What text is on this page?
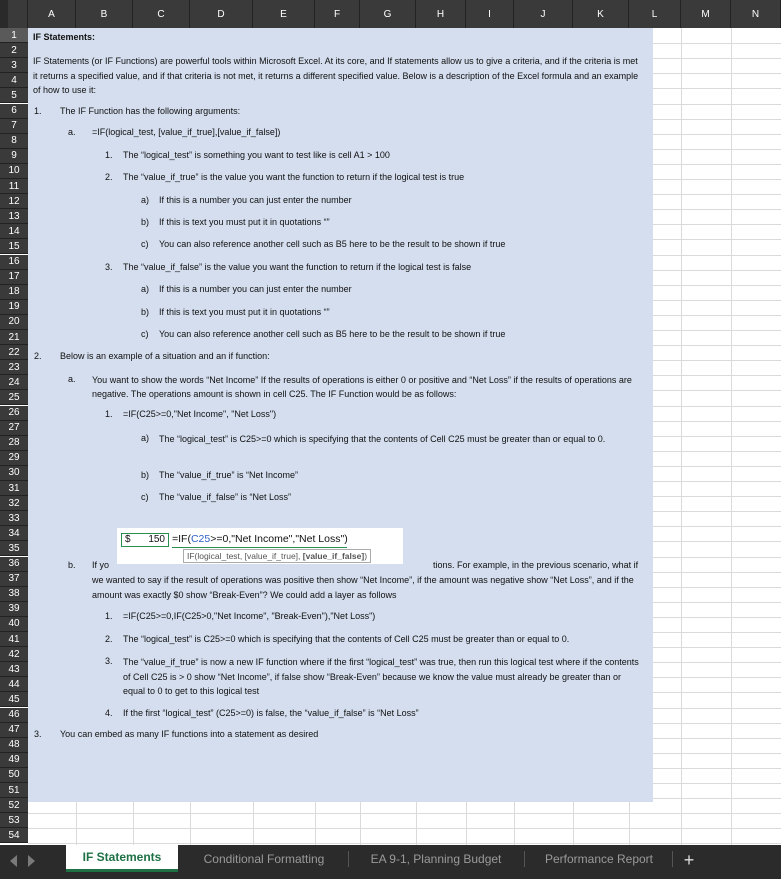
A	B	C	D	E	F	G	H	I	J	K	L	M	N
1
2
3
4
5
6
7
8
9
10
11
12
13
14
15
16
17
18
19
20
21
22
23
24
25
26
27
28
29
30
31
32
33
34
35
36
37
38
39
40
41
42
43
44
45
46
47
48
49
50
51
52
53
54
IF Statements:
IF Statements (or IF Functions) are powerful tools within Microsoft Excel. At its core, and If statements allow us to give a criteria, and if the criteria is met it returns a specified value, and if that criteria is not met, it returns a different specified value. Below is a description of the Excel formula and an example of how to use it:
1. The IF Function has the following arguments:
a. =IF(logical_test, [value_if_true],[value_if_false])
1. The “logical_test” is something you want to test like is cell A1 > 100
2. The “value_if_true” is the value you want the function to return if the logical test is true
a) If this is a number you can just enter the number
b) If this is text you must put it in quotations “”
c) You can also reference another cell such as B5 here to be the result to be shown if true
3. The “value_if_false” is the value you want the function to return if the logical test is false
a) If this is a number you can just enter the number
b) If this is text you must put it in quotations “”
c) You can also reference another cell such as B5 here to be the result to be shown if true
2. Below is an example of a situation and an if function:
a. You want to show the words “Net Income” If the results of operations is either 0 or positive and “Net Loss” if the results of operations are negative. The operations amount is shown in cell C25. The IF Function would be as follows:
1. =IF(C25>=0,"Net Income", "Net Loss")
a) The “logical_test” is C25>=0 which is specifying that the contents of Cell C25 must be greater than or equal to 0.
b) The “value_if_true” is “Net Income”
c) The “value_if_false” is “Net Loss”
b. If yo	tions. For example, in the previous scenario, what if
we wanted to say if the result of operations was positive then show “Net Income”, if the amount was negative show “Net Loss”, and if the amount was exactly $0 show “Break-Even”? We could add a layer as follows
1. =IF(C25>=0,IF(C25>0,"Net Income", "Break-Even"),"Net Loss")
2. The “logical_test” is C25>=0 which is specifying that the contents of Cell C25 must be greater than or equal to 0.
3. The “value_if_true” is now a new IF function where if the first “logical_test” was true, then run this logical test where if the contents of Cell C25 is > 0 show “Net Income”, if false show “Break-Even” because we know the value must already be greater than or equal to 0 to get to this logical test
4. If the first “logical_test” (C25>=0) is false, the “value_if_false” is “Net Loss”
3. You can embed as many IF functions into a statement as desired
$ 150 =IF(C25>=0,"Net Income","Net Loss")
IF(logical_test, [value_if_true], [value_if_false])
IF Statements	Conditional Formatting	EA 9-1, Planning Budget	Performance Report	+
